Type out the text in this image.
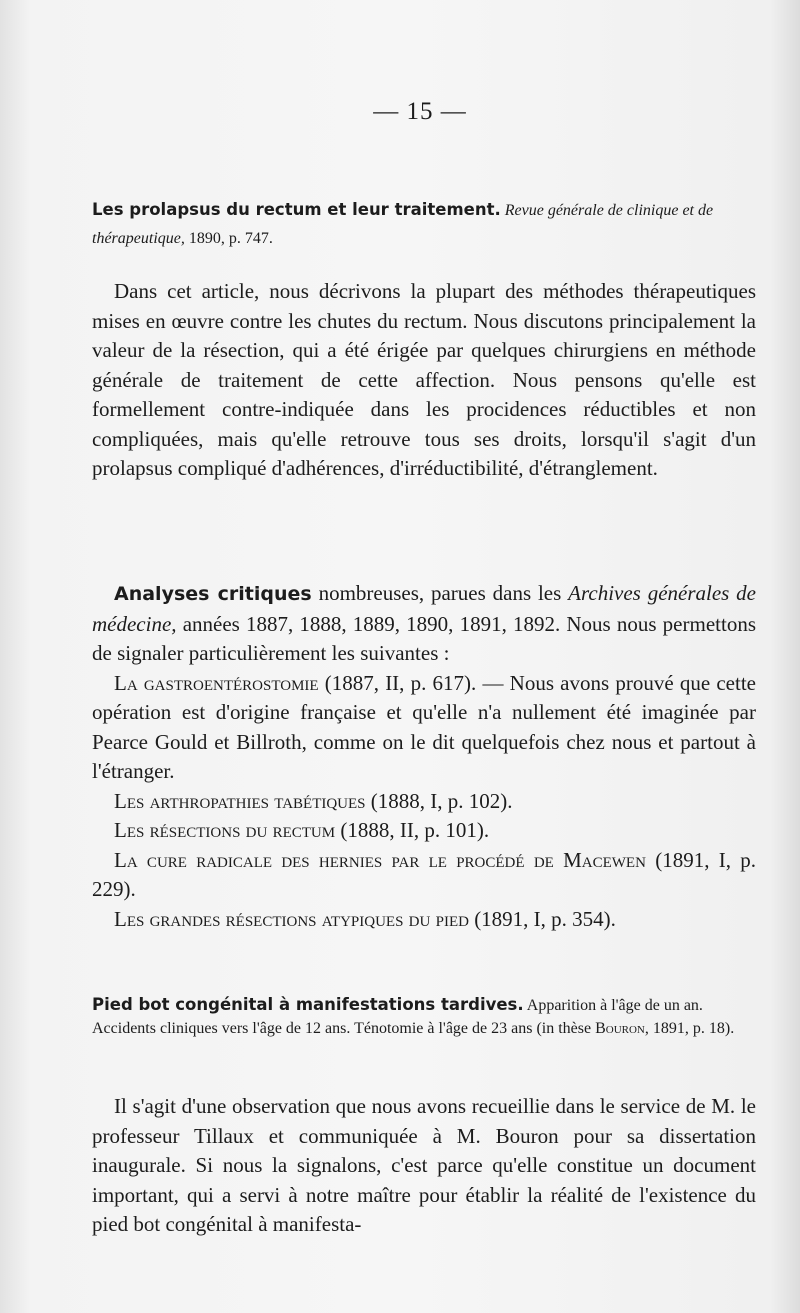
— 15 —
Les prolapsus du rectum et leur traitement. Revue générale de clinique et de thérapeutique, 1890, p. 747.
Dans cet article, nous décrivons la plupart des méthodes thérapeutiques mises en œuvre contre les chutes du rectum. Nous discutons principalement la valeur de la résection, qui a été érigée par quelques chirurgiens en méthode générale de traitement de cette affection. Nous pensons qu'elle est formellement contre-indiquée dans les procidences réductibles et non compliquées, mais qu'elle retrouve tous ses droits, lorsqu'il s'agit d'un prolapsus compliqué d'adhérences, d'irréductibilité, d'étranglement.
Analyses critiques nombreuses, parues dans les Archives générales de médecine, années 1887, 1888, 1889, 1890, 1891, 1892. Nous nous permettons de signaler particulièrement les suivantes :
La gastroentérostomie (1887, II, p. 617). — Nous avons prouvé que cette opération est d'origine française et qu'elle n'a nullement été imaginée par Pearce Gould et Billroth, comme on le dit quelquefois chez nous et partout à l'étranger.
Les arthropathies tabétiques (1888, I, p. 102).
Les résections du rectum (1888, II, p. 101).
La cure radicale des hernies par le procédé de Macewen (1891, I, p. 229).
Les grandes résections atypiques du pied (1891, I, p. 354).
Pied bot congénital à manifestations tardives. Apparition à l'âge de un an. Accidents cliniques vers l'âge de 12 ans. Ténotomie à l'âge de 23 ans (in thèse Bouron, 1891, p. 18).
Il s'agit d'une observation que nous avons recueillie dans le service de M. le professeur Tillaux et communiquée à M. Bouron pour sa dissertation inaugurale. Si nous la signalons, c'est parce qu'elle constitue un document important, qui a servi à notre maître pour établir la réalité de l'existence du pied bot congénital à manifesta-
